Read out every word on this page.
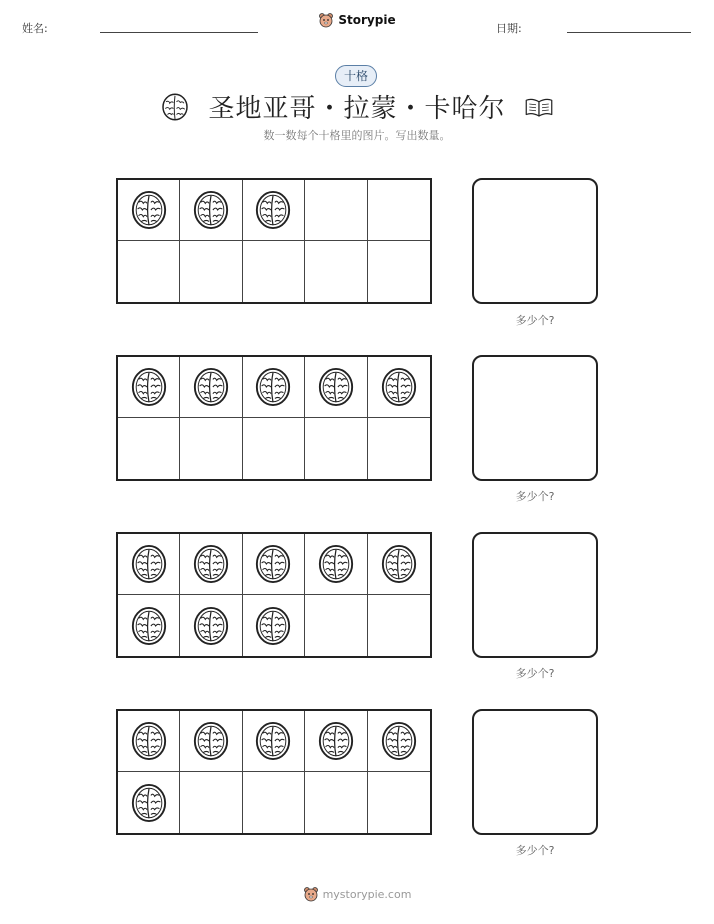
姓名:
Storypie
日期:
十格
圣地亚哥・拉蒙・卡哈尔
数一数每个十格里的图片。写出数量。
多少个?
多少个?
多少个?
多少个?
mystorypie.com
